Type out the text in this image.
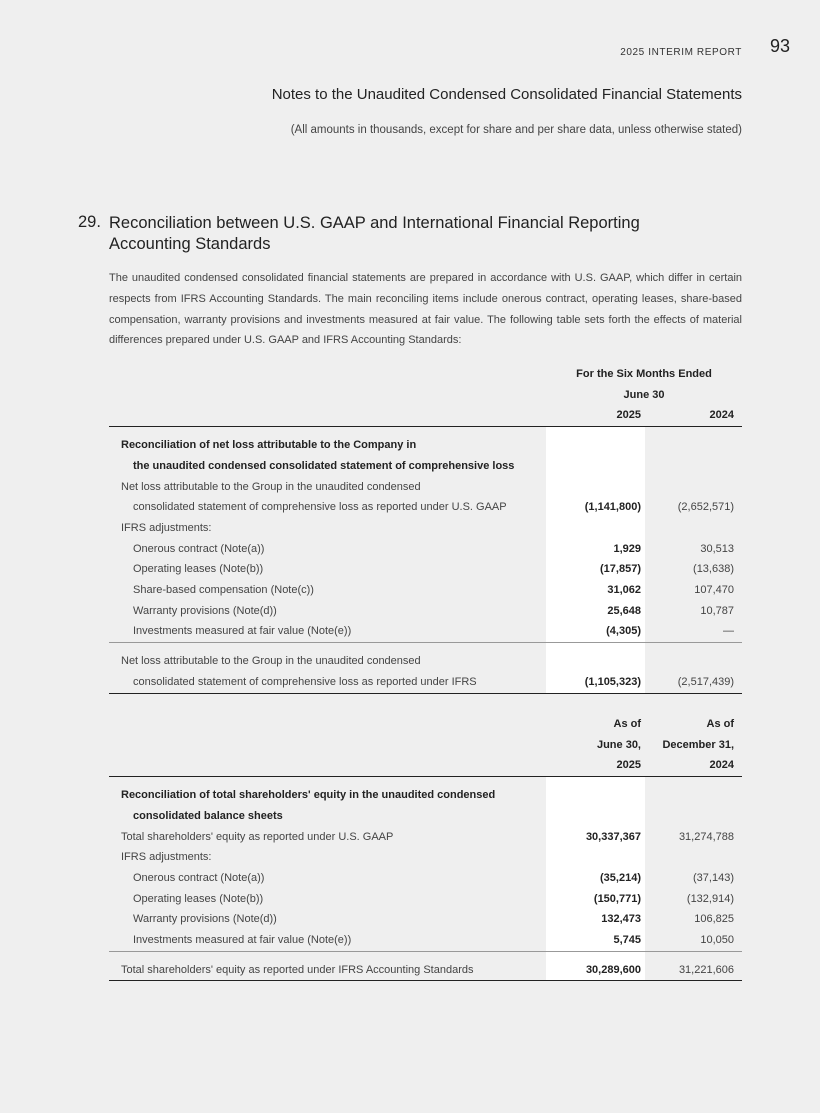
2025 INTERIM REPORT 93
Notes to the Unaudited Condensed Consolidated Financial Statements
(All amounts in thousands, except for share and per share data, unless otherwise stated)
29. Reconciliation between U.S. GAAP and International Financial Reporting
Accounting Standards
The unaudited condensed consolidated financial statements are prepared in accordance with U.S. GAAP, which differ in certain respects from IFRS Accounting Standards. The main reconciling items include onerous contract, operating leases, share-based compensation, warranty provisions and investments measured at fair value. The following table sets forth the effects of material differences prepared under U.S. GAAP and IFRS Accounting Standards:
	For the Six Months Ended	
	June 30	
	2025	2024

Reconciliation of net loss attributable to the Company in		
the unaudited condensed consolidated statement of comprehensive loss		
Net loss attributable to the Group in the unaudited condensed		
consolidated statement of comprehensive loss as reported under U.S. GAAP	(1,141,800)	(2,652,571)
IFRS adjustments:		
Onerous contract (Note(a))	1,929	30,513
Operating leases (Note(b))	(17,857)	(13,638)
Share-based compensation (Note(c))	31,062	107,470
Warranty provisions (Note(d))	25,648	10,787
Investments measured at fair value (Note(e))	(4,305)	—

Net loss attributable to the Group in the unaudited condensed		
consolidated statement of comprehensive loss as reported under IFRS	(1,105,323)	(2,517,439)
	As of	As of
	June 30,	December 31,
	2025	2024

Reconciliation of total shareholders' equity in the unaudited condensed		
consolidated balance sheets		
Total shareholders' equity as reported under U.S. GAAP	30,337,367	31,274,788
IFRS adjustments:		
Onerous contract (Note(a))	(35,214)	(37,143)
Operating leases (Note(b))	(150,771)	(132,914)
Warranty provisions (Note(d))	132,473	106,825
Investments measured at fair value (Note(e))	5,745	10,050

Total shareholders' equity as reported under IFRS Accounting Standards	30,289,600	31,221,606
